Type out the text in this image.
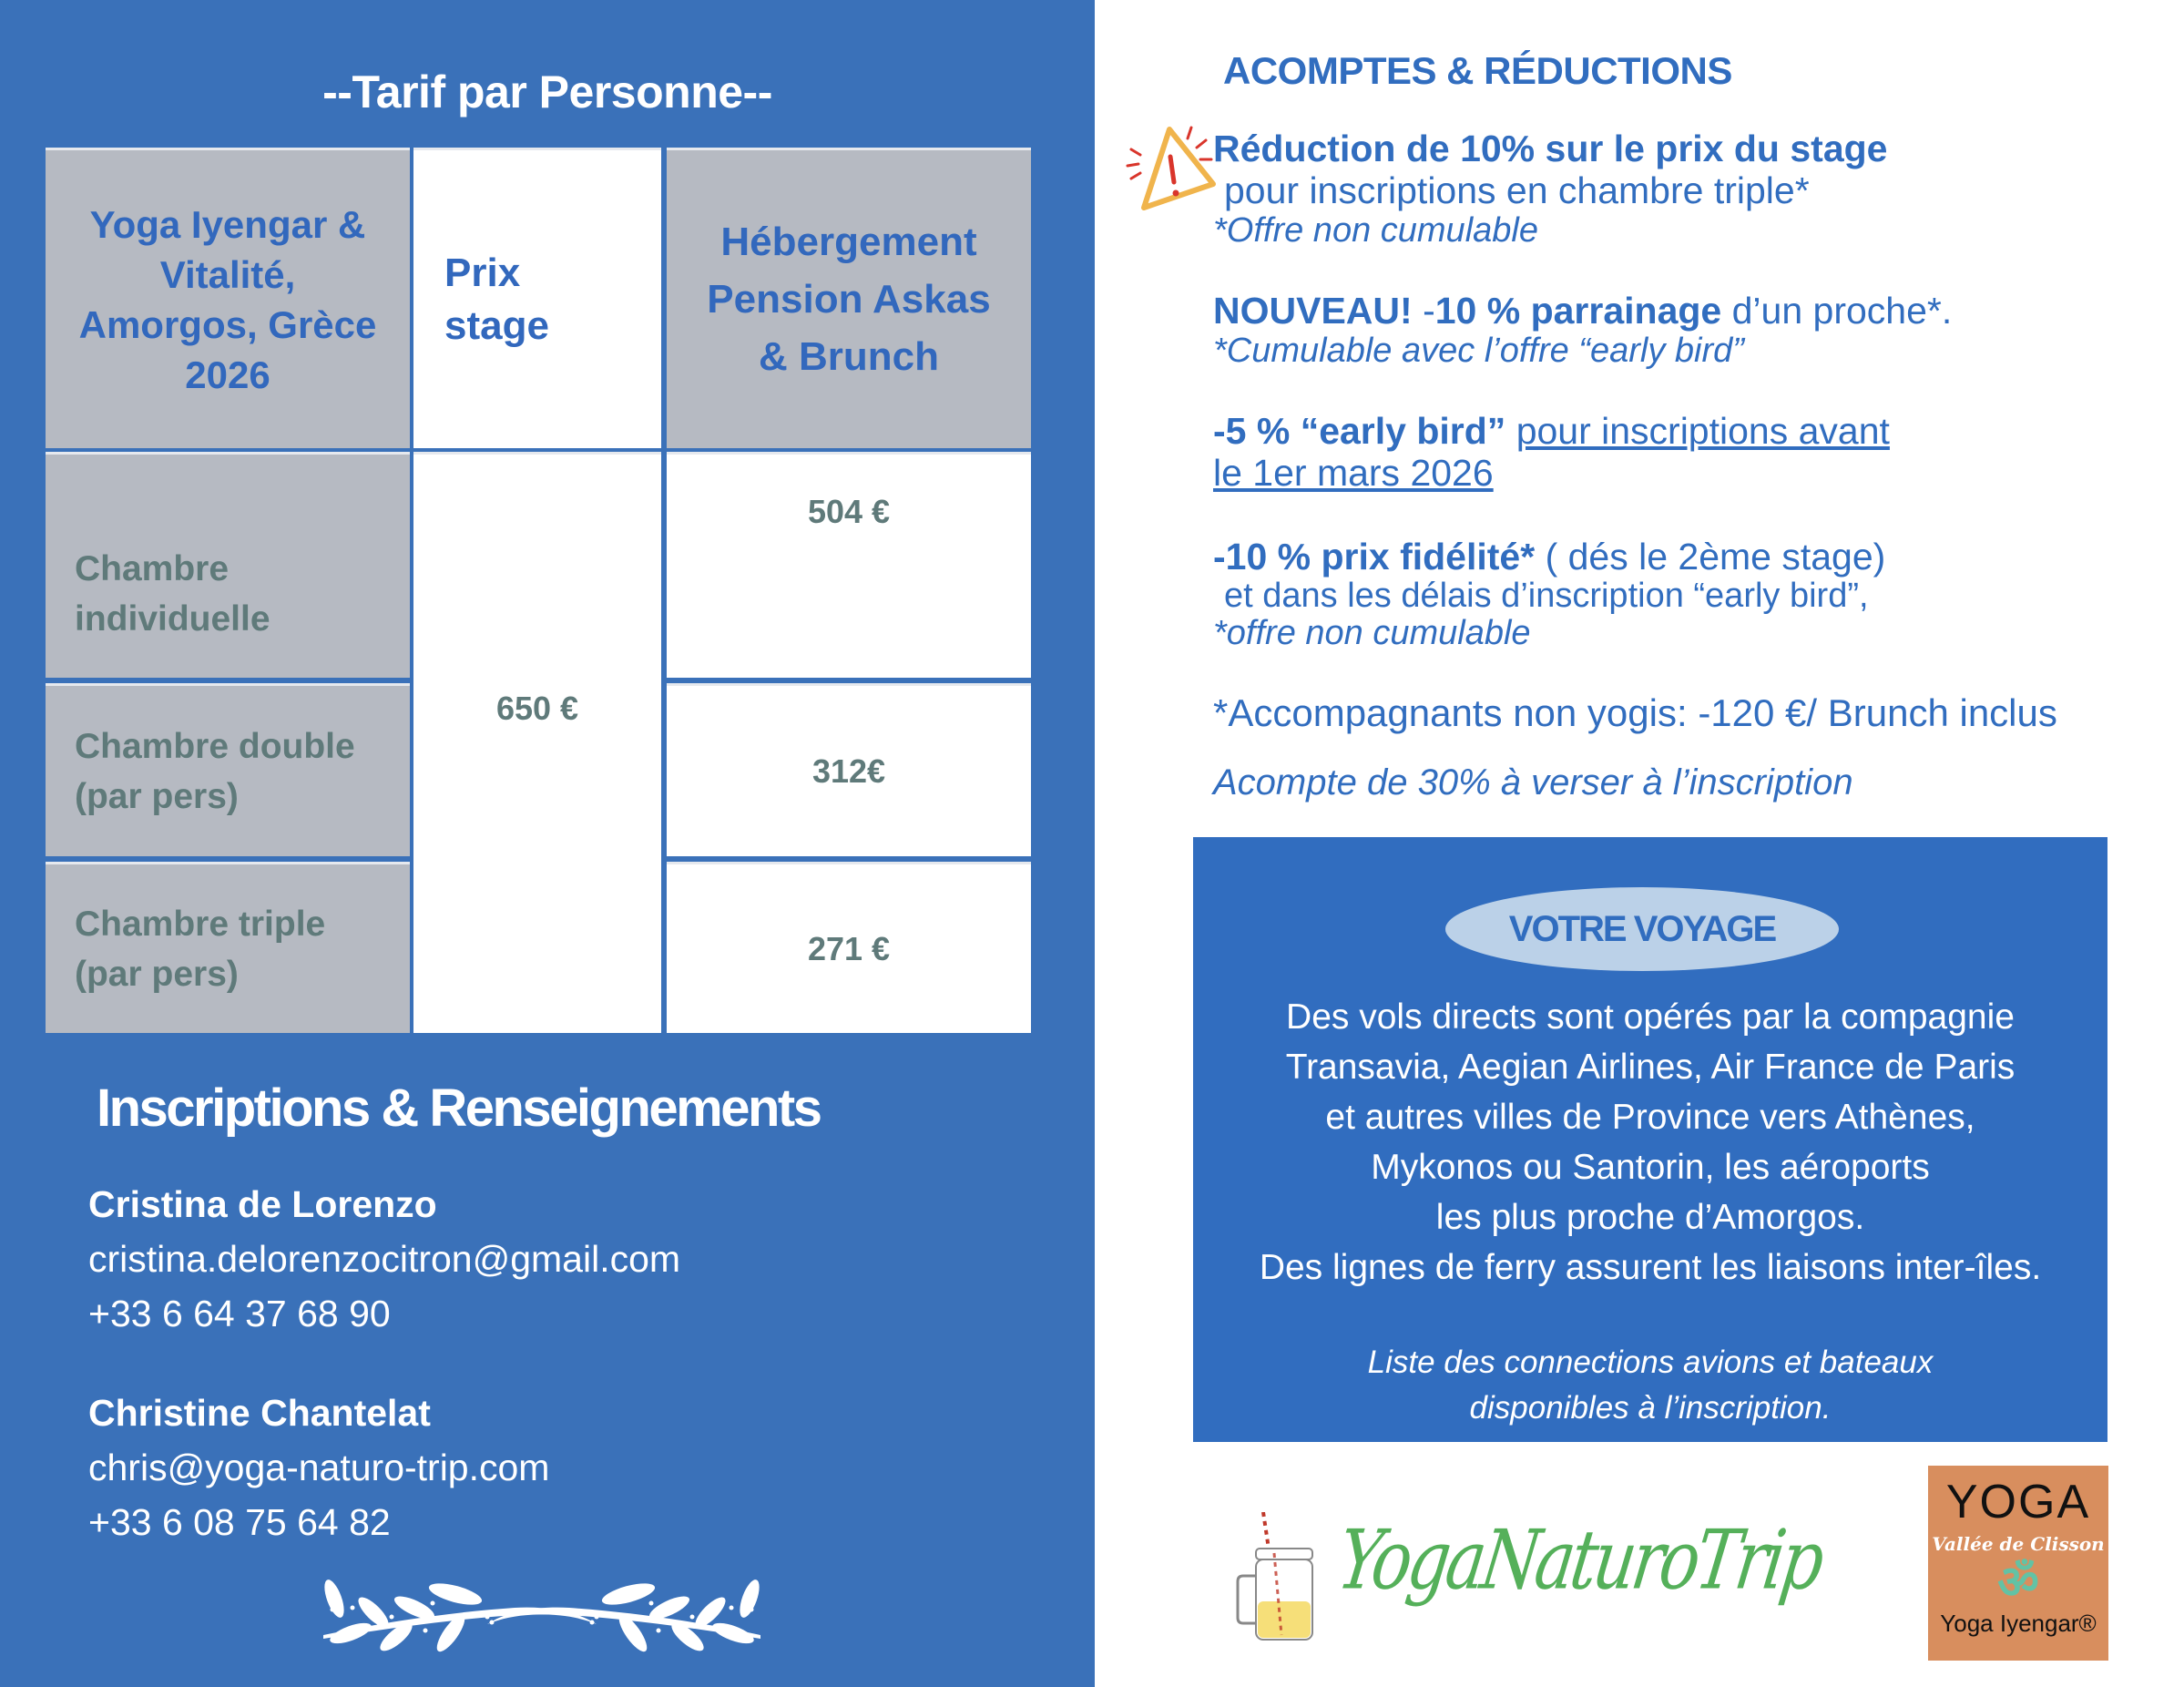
--Tarif par Personne--
Yoga Iyengar &
Vitalité,
Amorgos, Grèce
2026
Prix
stage
Hébergement
Pension Askas
& Brunch
Chambre
individuelle
Chambre double
(par pers)
Chambre triple
(par pers)
650 €
504 €
312€
271 €
Inscriptions & Renseignements
Cristina de Lorenzo
cristina.delorenzocitron@gmail.com
+33 6 64 37 68 90
Christine Chantelat
chris@yoga-naturo-trip.com
+33 6 08 75 64 82
ACOMPTES & RÉDUCTIONS
Réduction de 10% sur le prix du stage
pour inscriptions en chambre triple*
*Offre non cumulable
NOUVEAU! -10 % parrainage d’un proche*.
*Cumulable avec l’offre “early bird”
-5 % “early bird” pour inscriptions avant
le 1er mars 2026
-10 % prix fidélité* ( dés le 2ème stage)
et dans les délais d’inscription “early bird”,
*offre non cumulable
*Accompagnants non yogis: -120 €/ Brunch inclus
Acompte de 30% à verser à l’inscription
VOTRE VOYAGE
Des vols directs sont opérés par la compagnie
Transavia, Aegian Airlines, Air France de Paris
et autres villes de Province vers Athènes,
Mykonos ou Santorin, les aéroports
les plus proche d’Amorgos.
Des lignes de ferry assurent les liaisons inter-îles.
Liste des connections avions et bateaux
disponibles à l’inscription.
YogaNaturoTrip
YOGA
Vallée de Clisson
ॐ
Yoga Iyengar®
